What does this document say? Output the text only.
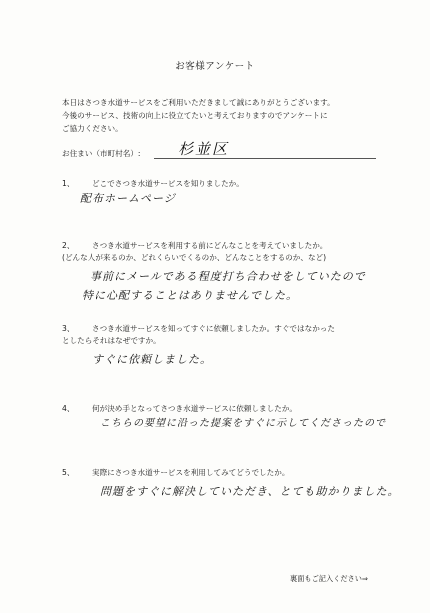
お客様アンケート

本日はさつき水道サービスをご利用いただきまして誠にありがとうございます。

今後のサービス、技術の向上に役立てたいと考えておりますのでアンケートに

ご協力ください。

お住まい（市町村名）:	杉並区
1、 どこでさつき水道サービスを知りましたか。
配布ホームページ
2、 さつき水道サービスを利用する前にどんなことを考えていましたか。
(どんな人が来るのか、どれくらいでくるのか、どんなことをするのか、など)
事前にメールである程度打ち合わせをしていたので
特に心配することはありませんでした。
3、 さつき水道サービスを知ってすぐに依頼しましたか。すぐではなかった
としたらそれはなぜですか。
すぐに依頼しました。
4、 何が決め手となってさつき水道サービスに依頼しましたか。
こちらの要望に沿った提案をすぐに示してくださったので
5、 実際にさつき水道サービスを利用してみてどうでしたか。
問題をすぐに解決していただき、とても助かりました。
裏面もご記入ください⇒
